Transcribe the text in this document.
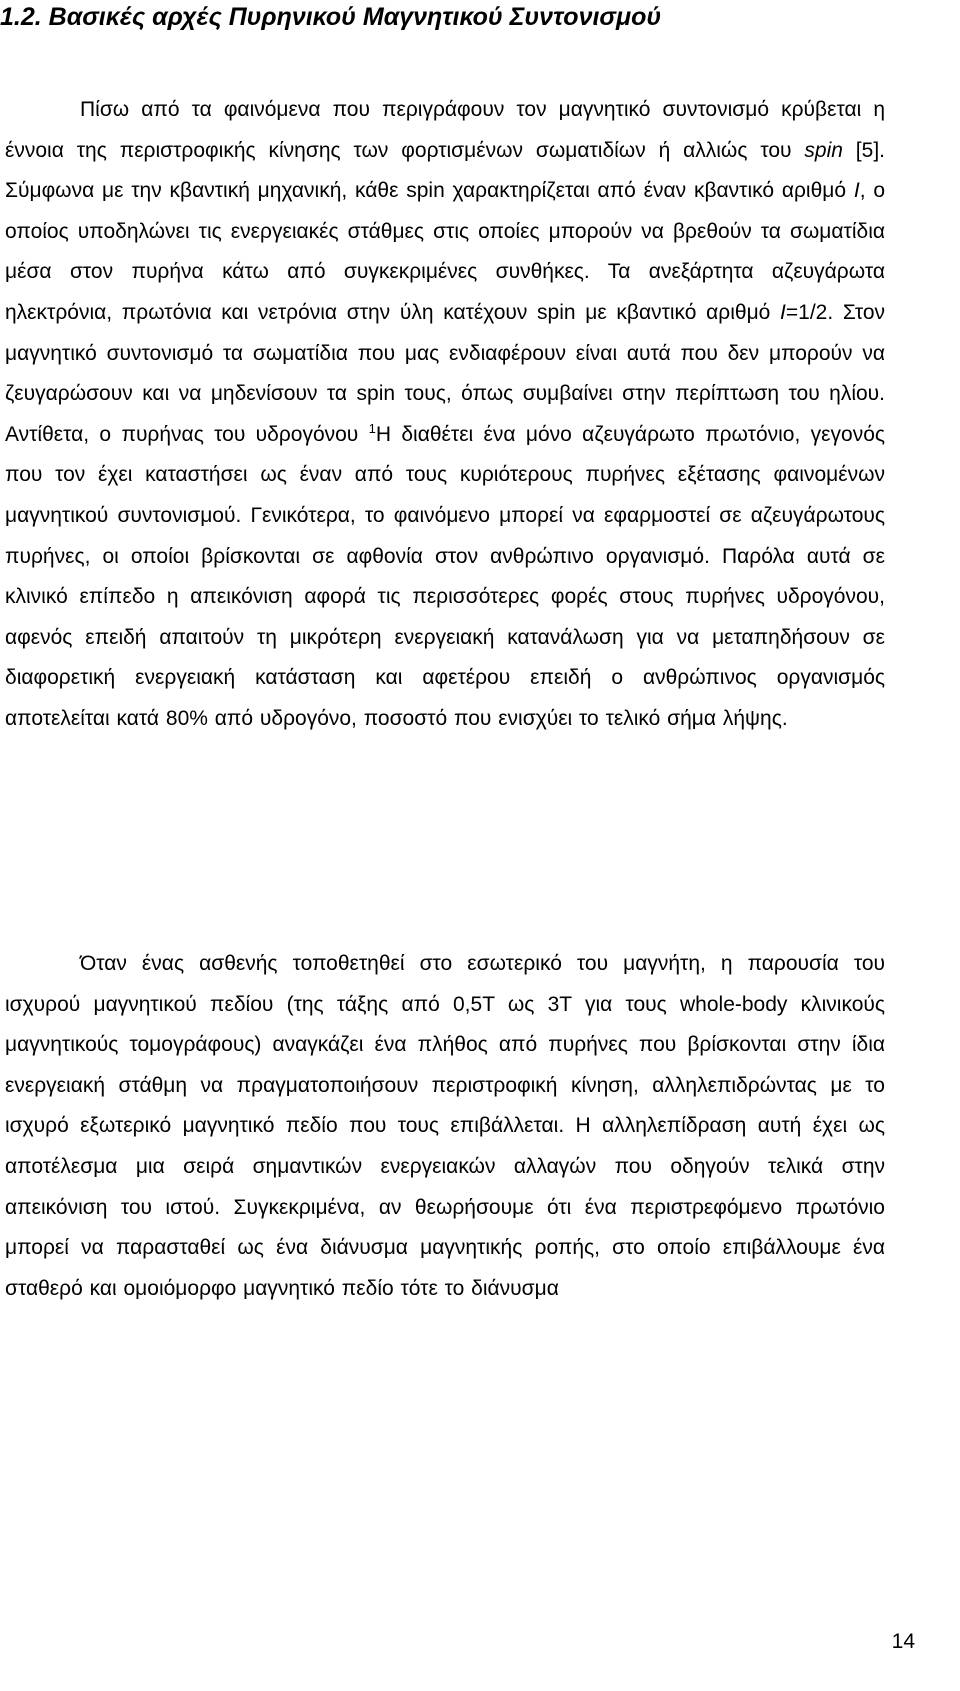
1.2. Βασικές αρχές Πυρηνικού Μαγνητικού Συντονισμού

Πίσω από τα φαινόμενα που περιγράφουν τον μαγνητικό συντονισμό κρύβεται η έννοια της περιστροφικής κίνησης των φορτισμένων σωματιδίων ή αλλιώς του spin [5]. Σύμφωνα με την κβαντική μηχανική, κάθε spin χαρακτηρίζεται από έναν κβαντικό αριθμό I, ο οποίος υποδηλώνει τις ενεργειακές στάθμες στις οποίες μπορούν να βρεθούν τα σωματίδια μέσα στον πυρήνα κάτω από συγκεκριμένες συνθήκες. Τα ανεξάρτητα αζευγάρωτα ηλεκτρόνια, πρωτόνια και νετρόνια στην ύλη κατέχουν spin με κβαντικό αριθμό I=1/2. Στον μαγνητικό συντονισμό τα σωματίδια που μας ενδιαφέρουν είναι αυτά που δεν μπορούν να ζευγαρώσουν και να μηδενίσουν τα spin τους, όπως συμβαίνει στην περίπτωση του ηλίου. Αντίθετα, ο πυρήνας του υδρογόνου $^1$Η διαθέτει ένα μόνο αζευγάρωτο πρωτόνιο, γεγονός που τον έχει καταστήσει ως έναν από τους κυριότερους πυρήνες εξέτασης φαινομένων μαγνητικού συντονισμού. Γενικότερα, το φαινόμενο μπορεί να εφαρμοστεί σε αζευγάρωτους πυρήνες, οι οποίοι βρίσκονται σε αφθονία στον ανθρώπινο οργανισμό. Παρόλα αυτά σε κλινικό επίπεδο η απεικόνιση αφορά τις περισσότερες φορές στους πυρήνες υδρογόνου, αφενός επειδή απαιτούν τη μικρότερη ενεργειακή κατανάλωση για να μεταπηδήσουν σε διαφορετική ενεργειακή κατάσταση και αφετέρου επειδή ο ανθρώπινος οργανισμός αποτελείται κατά 80% από υδρογόνο, ποσοστό που ενισχύει το τελικό σήμα λήψης.

Όταν ένας ασθενής τοποθετηθεί στο εσωτερικό του μαγνήτη, η παρουσία του ισχυρού μαγνητικού πεδίου (της τάξης από 0,5Τ ως 3Τ για τους whole-body κλινικούς μαγνητικούς τομογράφους) αναγκάζει ένα πλήθος από πυρήνες που βρίσκονται στην ίδια ενεργειακή στάθμη να πραγματοποιήσουν περιστροφική κίνηση, αλληλεπιδρώντας με το ισχυρό εξωτερικό μαγνητικό πεδίο που τους επιβάλλεται. Η αλληλεπίδραση αυτή έχει ως αποτέλεσμα μια σειρά σημαντικών ενεργειακών αλλαγών που οδηγούν τελικά στην απεικόνιση του ιστού. Συγκεκριμένα, αν θεωρήσουμε ότι ένα περιστρεφόμενο πρωτόνιο μπορεί να παρασταθεί ως ένα διάνυσμα μαγνητικής ροπής, στο οποίο επιβάλλουμε ένα σταθερό και ομοιόμορφο μαγνητικό πεδίο τότε το διάνυσμα

14
